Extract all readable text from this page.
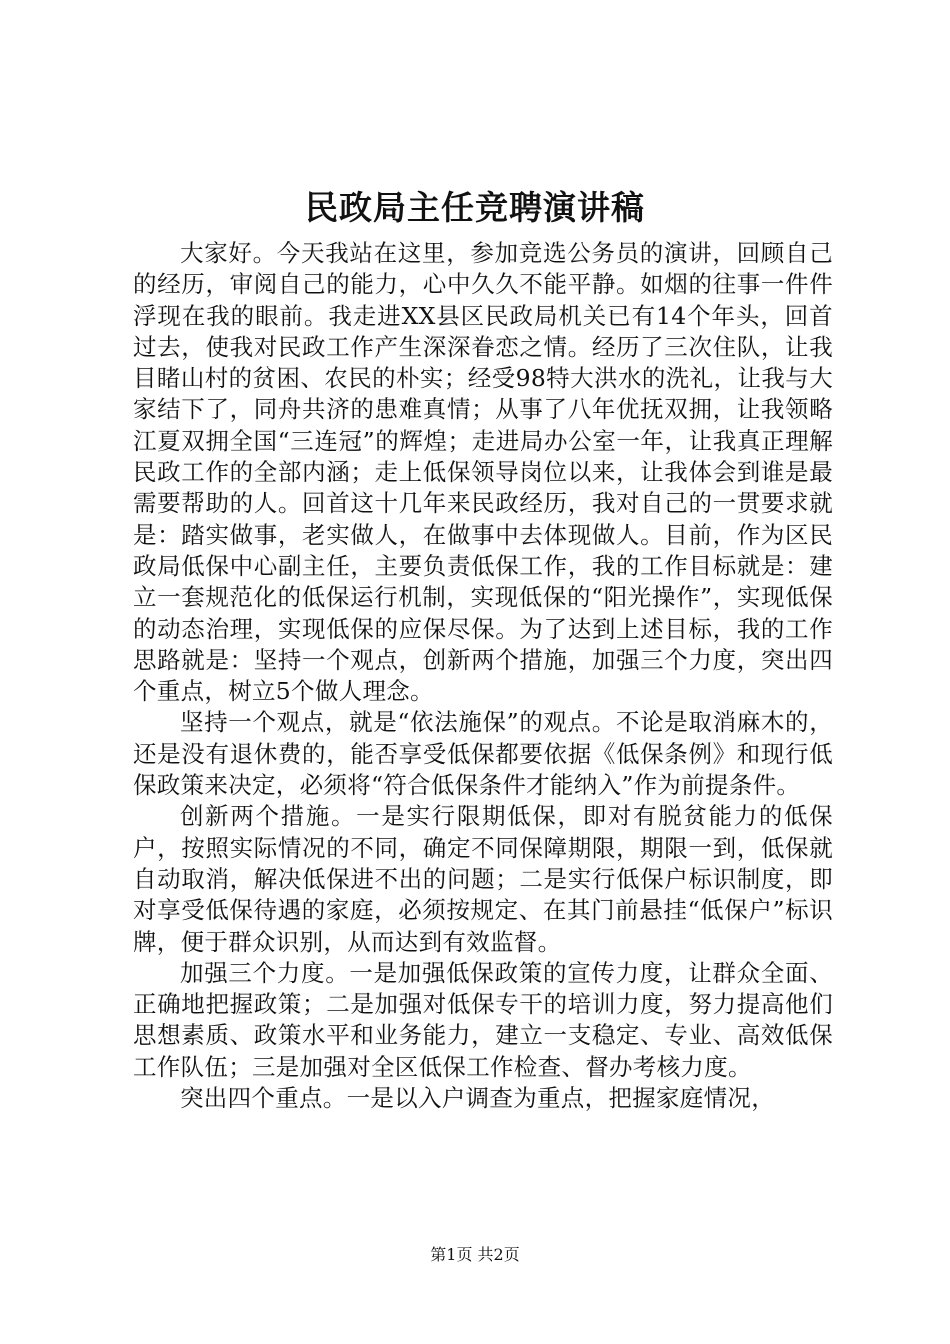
民政局主任竞聘演讲稿

大家好。今天我站在这里，参加竞选公务员的演讲，回顾自己的经历，审阅自己的能力，心中久久不能平静。如烟的往事一件件浮现在我的眼前。我走进XX县区民政局机关已有14个年头，回首过去，使我对民政工作产生深深眷恋之情。经历了三次住队，让我目睹山村的贫困、农民的朴实；经受98特大洪水的洗礼，让我与大家结下了，同舟共济的患难真情；从事了八年优抚双拥，让我领略江夏双拥全国“三连冠”的辉煌；走进局办公室一年，让我真正理解民政工作的全部内涵；走上低保领导岗位以来，让我体会到谁是最需要帮助的人。回首这十几年来民政经历，我对自己的一贯要求就是：踏实做事，老实做人，在做事中去体现做人。目前，作为区民政局低保中心副主任，主要负责低保工作，我的工作目标就是：建立一套规范化的低保运行机制，实现低保的“阳光操作”，实现低保的动态治理，实现低保的应保尽保。为了达到上述目标，我的工作思路就是：坚持一个观点，创新两个措施，加强三个力度，突出四个重点，树立5个做人理念。

坚持一个观点，就是“依法施保”的观点。不论是取消麻木的，还是没有退休费的，能否享受低保都要依据《低保条例》和现行低保政策来决定，必须将“符合低保条件才能纳入”作为前提条件。

创新两个措施。一是实行限期低保，即对有脱贫能力的低保户，按照实际情况的不同，确定不同保障期限，期限一到，低保就自动取消，解决低保进不出的问题；二是实行低保户标识制度，即对享受低保待遇的家庭，必须按规定、在其门前悬挂“低保户”标识牌，便于群众识别，从而达到有效监督。

加强三个力度。一是加强低保政策的宣传力度，让群众全面、正确地把握政策；二是加强对低保专干的培训力度，努力提高他们思想素质、政策水平和业务能力，建立一支稳定、专业、高效低保工作队伍；三是加强对全区低保工作检查、督办考核力度。

突出四个重点。一是以入户调查为重点，把握家庭情况，

第1页 共2页
